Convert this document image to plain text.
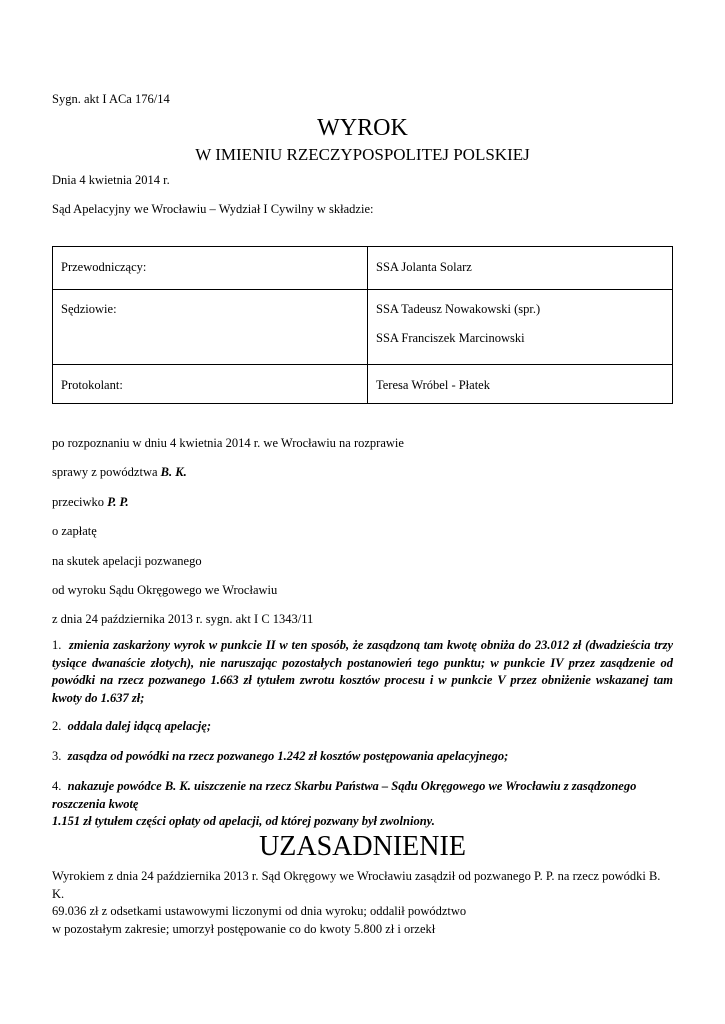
Sygn. akt I ACa 176/14
WYROK
W IMIENIU RZECZYPOSPOLITEJ POLSKIEJ
Dnia 4 kwietnia 2014 r.
Sąd Apelacyjny we Wrocławiu – Wydział I Cywilny w składzie:
Przewodniczący:	SSA Jolanta Solarz

Sędziowie:	SSA Tadeusz Nowakowski (spr.)
SSA Franciszek Marcinowski

Protokolant:	Teresa Wróbel - Płatek
po rozpoznaniu w dniu 4 kwietnia 2014 r. we Wrocławiu na rozprawie
sprawy z powództwa B. K.
przeciwko P. P.
o zapłatę
na skutek apelacji pozwanego
od wyroku Sądu Okręgowego we Wrocławiu
z dnia 24 października 2013 r. sygn. akt I C 1343/11
1. zmienia zaskarżony wyrok w punkcie II w ten sposób, że zasądzoną tam kwotę obniża do 23.012 zł (dwadzieścia trzy tysiące dwanaście złotych), nie naruszając pozostałych postanowień tego punktu; w punkcie IV przez zasądzenie od powódki na rzecz pozwanego 1.663 zł tytułem zwrotu kosztów procesu i w punkcie V przez obniżenie wskazanej tam kwoty do 1.637 zł;
2. oddala dalej idącą apelację;
3. zasądza od powódki na rzecz pozwanego 1.242 zł kosztów postępowania apelacyjnego;
4. nakazuje powódce B. K. uiszczenie na rzecz Skarbu Państwa – Sądu Okręgowego we Wrocławiu z zasądzonego roszczenia kwotę
1.151 zł tytułem części opłaty od apelacji, od której pozwany był zwolniony.
UZASADNIENIE
Wyrokiem z dnia 24 października 2013 r. Sąd Okręgowy we Wrocławiu zasądził od pozwanego P. P. na rzecz powódki B. K.
69.036 zł z odsetkami ustawowymi liczonymi od dnia wyroku; oddalił powództwo
w pozostałym zakresie; umorzył postępowanie co do kwoty 5.800 zł i orzekł
